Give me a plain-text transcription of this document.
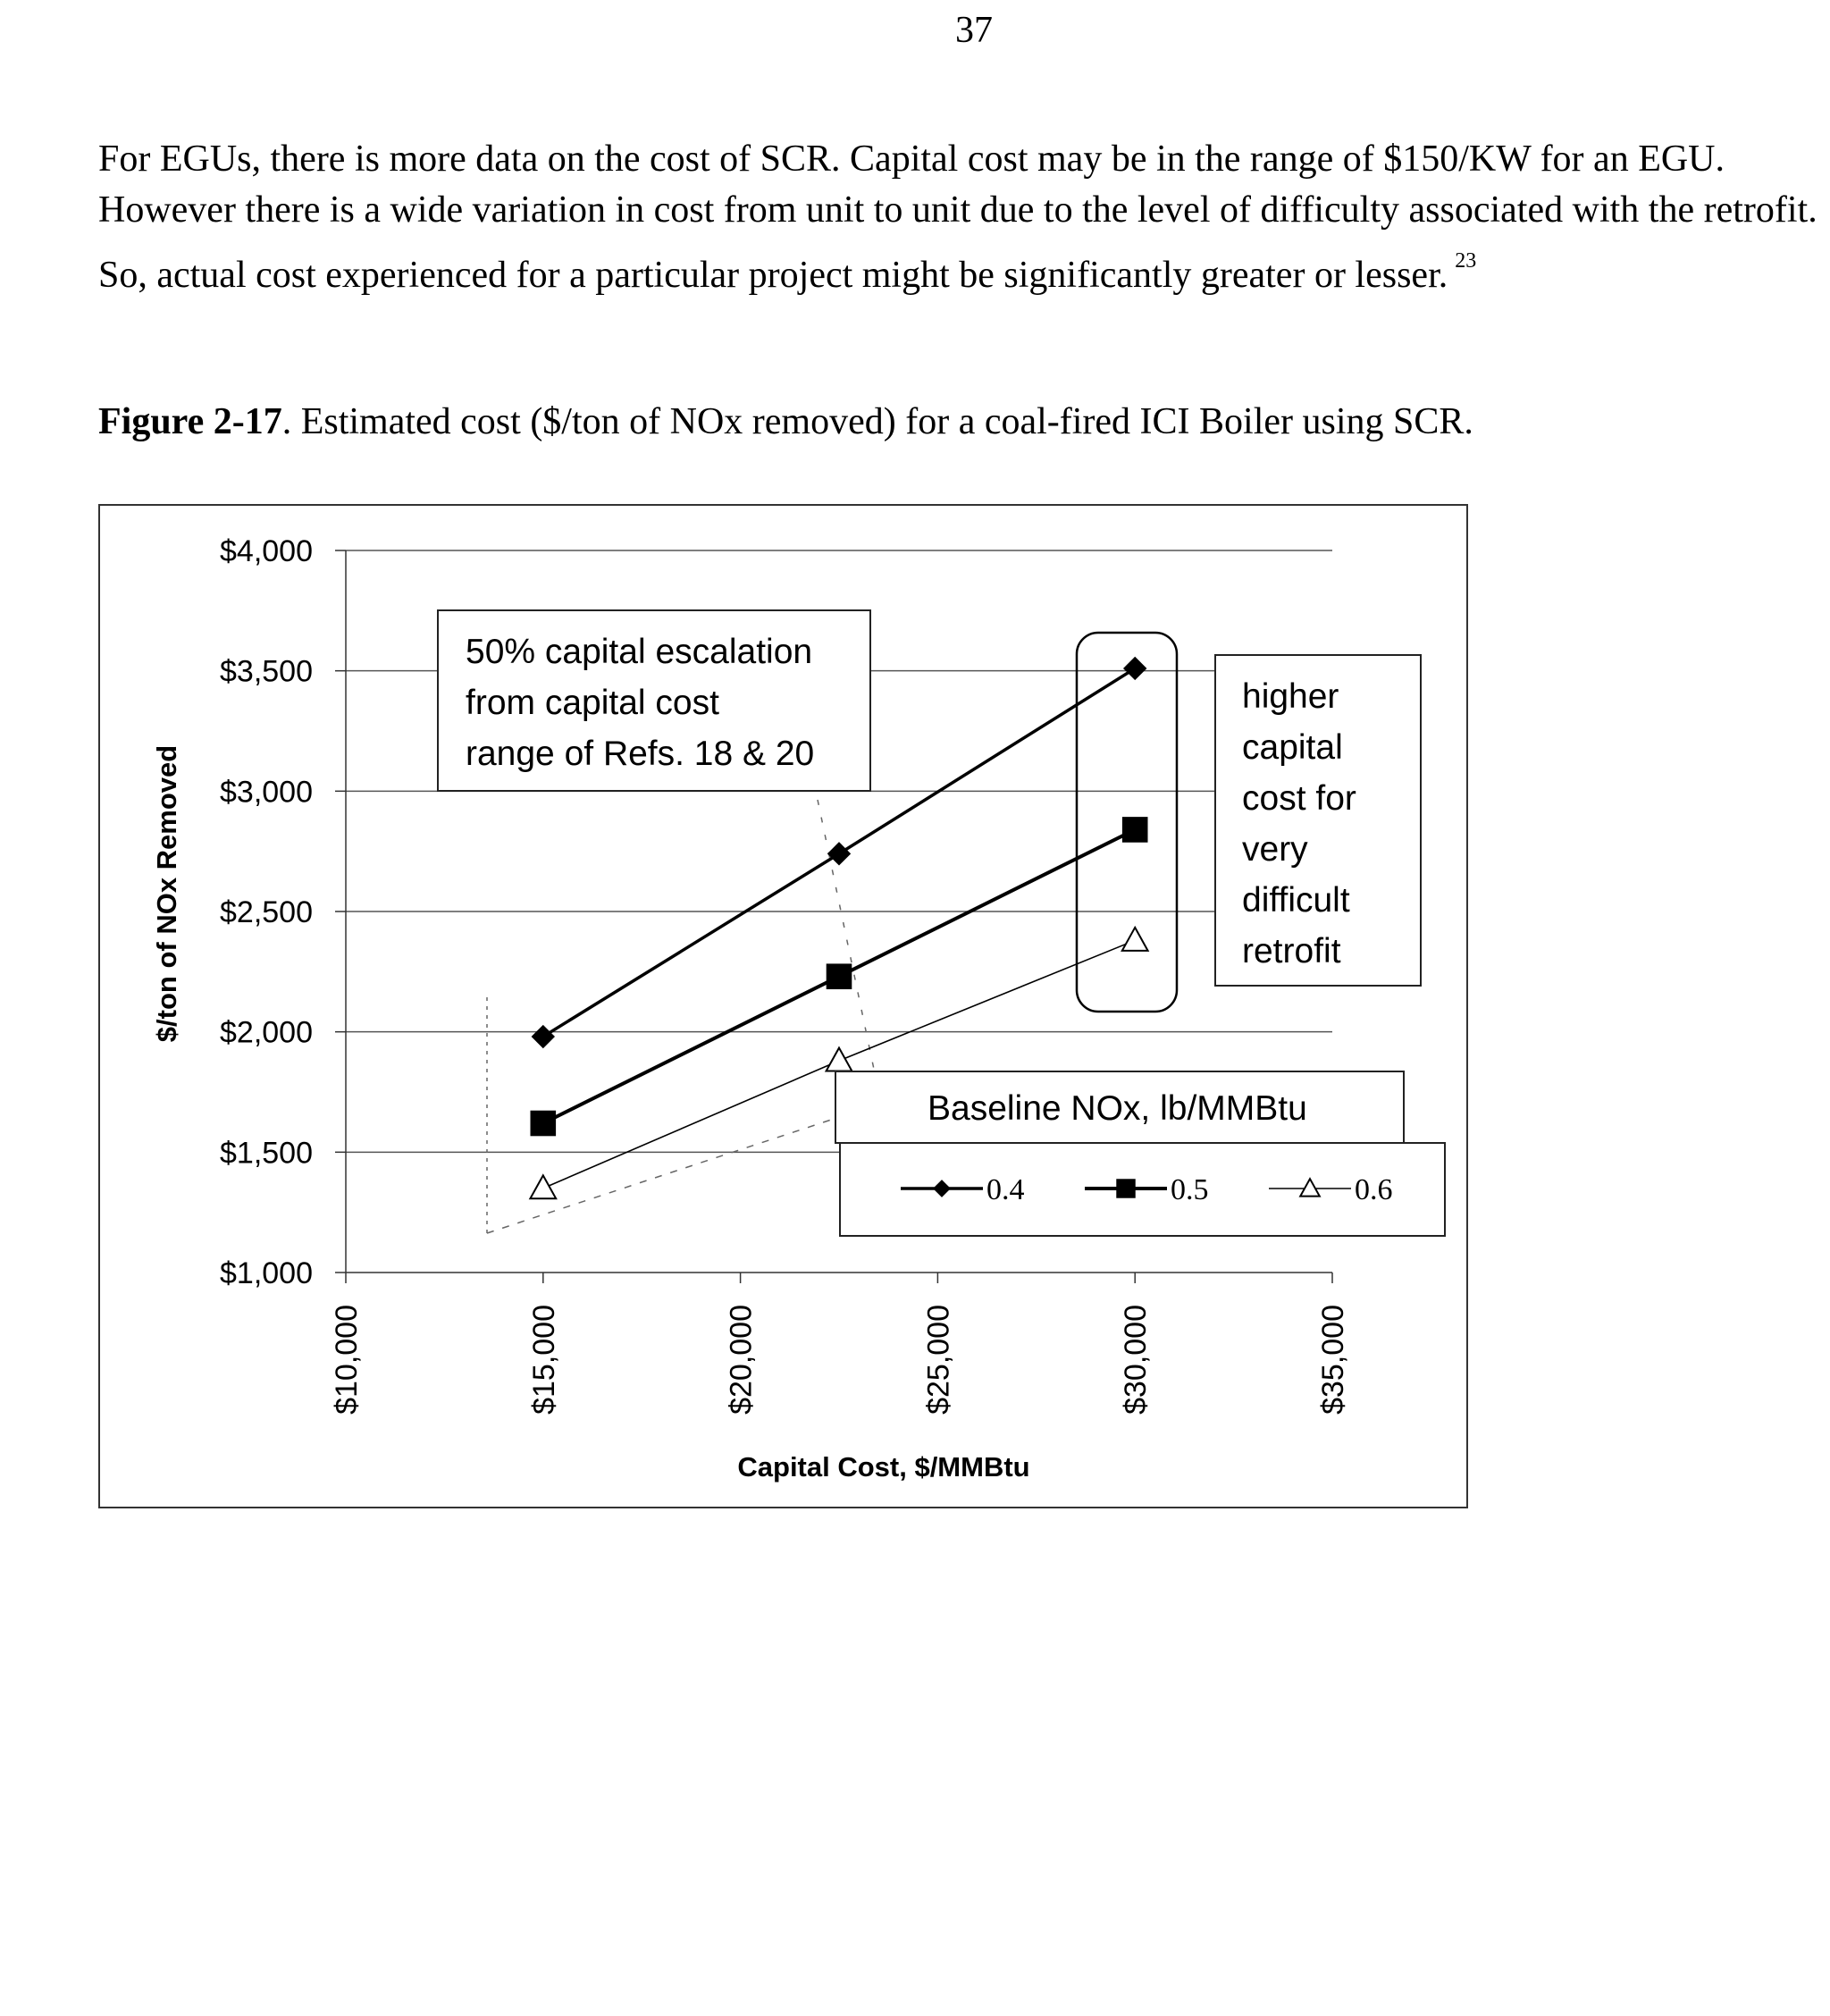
37
For EGUs, there is more data on the cost of SCR. Capital cost may be in the range of $150/KW for an EGU. However there is a wide variation in cost from unit to unit due to the level of difficulty associated with the retrofit. So, actual cost experienced for a particular project might be significantly greater or lesser. $^{23}$
Figure 2-17. Estimated cost ($/ton of NOx removed) for a coal-fired ICI Boiler using SCR.
$1,000
$1,500
$2,000
$2,500
$3,000
$3,500
$4,000
$10,000	$15,000	$20,000	$25,000	$30,000	$35,000
50% capital escalation
from capital cost
range of Refs. 18 & 20
higher
capital
cost for
very
difficult
retrofit
Baseline NOx, lb/MMBtu
0.4	0.5	0.6
$/ton of NOx Removed
Capital Cost, $/MMBtu
